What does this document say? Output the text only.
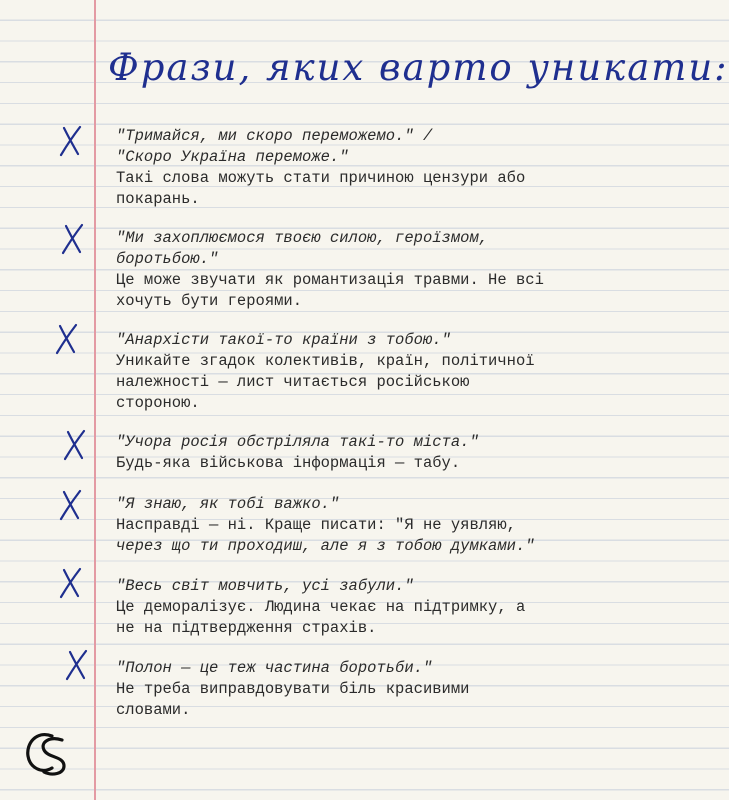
Фрази, яких варто уникати:
"Тримайся, ми скоро переможемо." /
"Скоро Україна переможе."
Такі слова можуть стати причиною цензури або
покарань.
"Ми захоплюємося твоєю силою, героїзмом,
боротьбою."
Це може звучати як романтизація травми. Не всі
хочуть бути героями.
"Анархісти такої-то країни з тобою."
Уникайте згадок колективів, країн, політичної
належності — лист читається російською
стороною.
"Учора росія обстріляла такі-то міста."
Будь-яка військова інформація — табу.
"Я знаю, як тобі важко."
Насправді — ні. Краще писати: "Я не уявляю,
через що ти проходиш, але я з тобою думками."
"Весь світ мовчить, усі забули."
Це деморалізує. Людина чекає на підтримку, а
не на підтвердження страхів.
"Полон — це теж частина боротьби."
Не треба виправдовувати біль красивими
словами.
